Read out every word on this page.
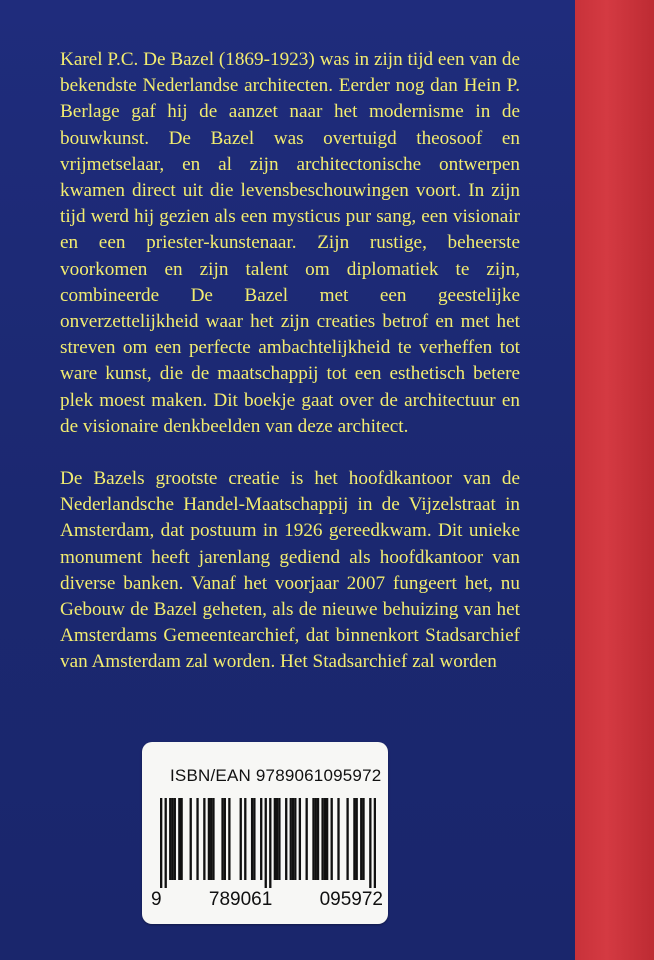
Karel P.C. De Bazel (1869-1923) was in zijn tijd een van de bekendste Nederlandse architecten. Eerder nog dan Hein P. Berlage gaf hij de aanzet naar het modernisme in de bouwkunst. De Bazel was overtuigd theosoof en vrijmetselaar, en al zijn architectonische ontwerpen kwamen direct uit die levensbeschouwingen voort. In zijn tijd werd hij gezien als een mysticus pur sang, een visionair en een priester-kunstenaar. Zijn rustige, beheerste voorkomen en zijn talent om diplomatiek te zijn, combineerde De Bazel met een geestelijke onverzettelijkheid waar het zijn creaties betrof en met het streven om een perfecte ambachtelijkheid te verheffen tot ware kunst, die de maatschappij tot een esthetisch betere plek moest maken. Dit boekje gaat over de architectuur en de visionaire denkbeelden van deze architect.

De Bazels grootste creatie is het hoofdkantoor van de Nederlandsche Handel-Maatschappij in de Vijzelstraat in Amsterdam, dat postuum in 1926 gereedkwam. Dit unieke monument heeft jarenlang gediend als hoofdkantoor van diverse banken. Vanaf het voorjaar 2007 fungeert het, nu Gebouw de Bazel geheten, als de nieuwe behuizing van het Amsterdams Gemeentearchief, dat binnenkort Stadsarchief van Amsterdam zal worden. Het Stadsarchief zal worden

ISBN/EAN 9789061095972
9 789061 095972
